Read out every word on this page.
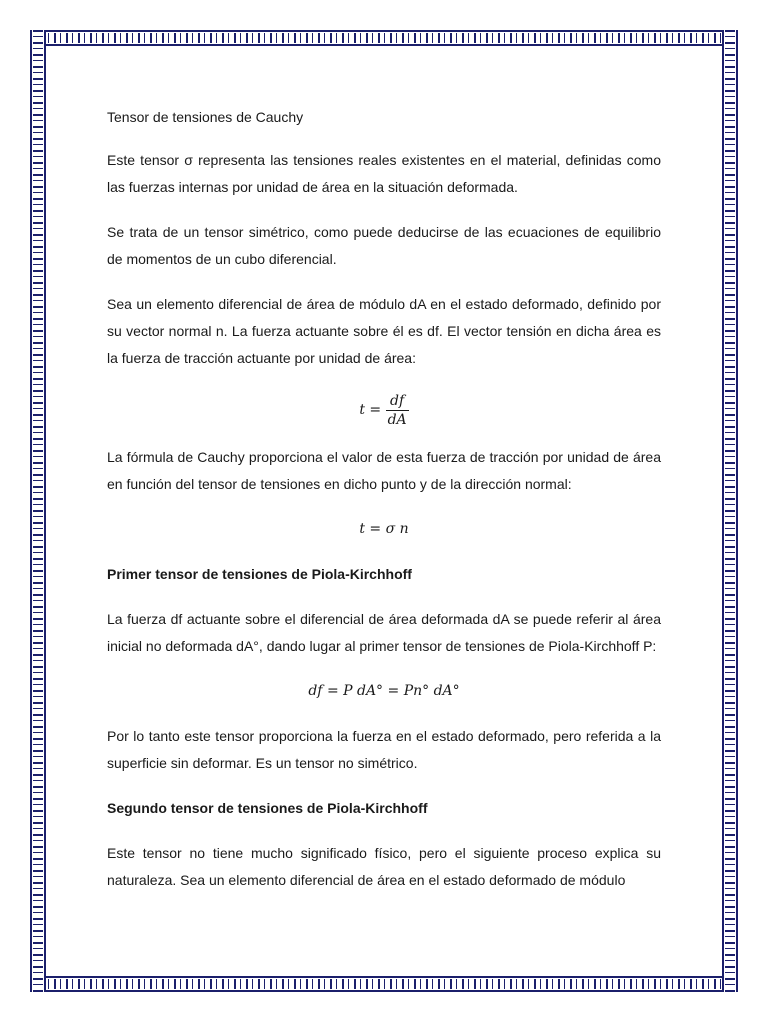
Tensor de tensiones de Cauchy

Este tensor σ representa las tensiones reales existentes en el material, definidas como las fuerzas internas por unidad de área en la situación deformada.

Se trata de un tensor simétrico, como puede deducirse de las ecuaciones de equilibrio de momentos de un cubo diferencial.

Sea un elemento diferencial de área de módulo dA en el estado deformado, definido por su vector normal n. La fuerza actuante sobre él es df. El vector tensión en dicha área es la fuerza de tracción actuante por unidad de área:

$t = \frac{df}{dA}$

La fórmula de Cauchy proporciona el valor de esta fuerza de tracción por unidad de área en función del tensor de tensiones en dicho punto y de la dirección normal:

t = σ n
Primer tensor de tensiones de Piola-Kirchhoff

La fuerza df actuante sobre el diferencial de área deformada dA se puede referir al área inicial no deformada dA°, dando lugar al primer tensor de tensiones de Piola-Kirchhoff P:

df = P dA° = Pn° dA°

Por lo tanto este tensor proporciona la fuerza en el estado deformado, pero referida a la superficie sin deformar. Es un tensor no simétrico.

Segundo tensor de tensiones de Piola-Kirchhoff

Este tensor no tiene mucho significado físico, pero el siguiente proceso explica su naturaleza. Sea un elemento diferencial de área en el estado deformado de módulo
